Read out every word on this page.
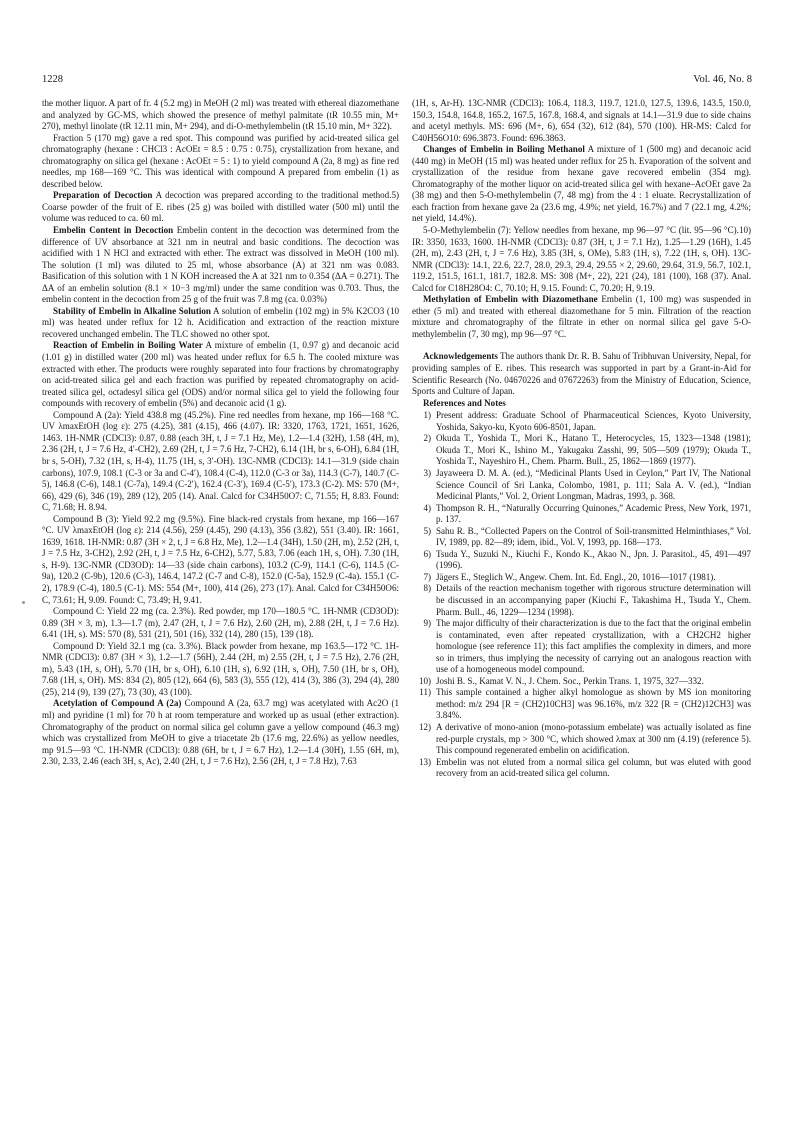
1228	Vol. 46, No. 8

the mother liquor. A part of fr. 4 (5.2 mg) in MeOH (2 ml) was treated with ethereal diazomethane and analyzed by GC-MS, which showed the presence of methyl palmitate (tR 10.55 min, M+ 270), methyl linolate (tR 12.11 min, M+ 294), and di-O-methylembelin (tR 15.10 min, M+ 322).

Fraction 5 (170 mg) gave a red spot. This compound was purified by acid-treated silica gel chromatography (hexane : CHCl3 : AcOEt = 8.5 : 0.75 : 0.75), crystallization from hexane, and chromatography on silica gel (hexane : AcOEt = 5 : 1) to yield compound A (2a, 8 mg) as fine red needles, mp 168—169 °C. This was identical with compound A prepared from embelin (1) as described below.

Preparation of Decoction A decoction was prepared according to the traditional method.5) Coarse powder of the fruit of E. ribes (25 g) was boiled with distilled water (500 ml) until the volume was reduced to ca. 60 ml.

Embelin Content in Decoction Embelin content in the decoction was determined from the difference of UV absorbance at 321 nm in neutral and basic conditions. The decoction was acidified with 1 N HCl and extracted with ether. The extract was dissolved in MeOH (100 ml). The solution (1 ml) was diluted to 25 ml, whose absorbance (A) at 321 nm was 0.083. Basification of this solution with 1 N KOH increased the A at 321 nm to 0.354 (ΔA = 0.271). The ΔA of an embelin solution (8.1 × 10−3 mg/ml) under the same condition was 0.703. Thus, the embelin content in the decoction from 25 g of the fruit was 7.8 mg (ca. 0.03%)

Stability of Embelin in Alkaline Solution A solution of embelin (102 mg) in 5% K2CO3 (10 ml) was heated under reflux for 12 h. Acidification and extraction of the reaction mixture recovered unchanged embelin. The TLC showed no other spot.

Reaction of Embelin in Boiling Water A mixture of embelin (1, 0.97 g) and decanoic acid (1.01 g) in distilled water (200 ml) was heated under reflux for 6.5 h. The cooled mixture was extracted with ether. The products were roughly separated into four fractions by chromatography on acid-treated silica gel and each fraction was purified by repeated chromatography on acid-treated silica gel, octadesyl silica gel (ODS) and/or normal silica gel to yield the following four compounds with recovery of embelin (5%) and decanoic acid (1 g).

Compound A (2a): Yield 438.8 mg (45.2%). Fine red needles from hexane, mp 166—168 °C. UV λmaxEtOH (log ε): 275 (4.25), 381 (4.15), 466 (4.07). IR: 3320, 1763, 1721, 1651, 1626, 1463. 1H-NMR (CDCl3): 0.87, 0.88 (each 3H, t, J = 7.1 Hz, Me), 1.2—1.4 (32H), 1.58 (4H, m), 2.36 (2H, t, J = 7.6 Hz, 4′-CH2), 2.69 (2H, t, J = 7.6 Hz, 7-CH2), 6.14 (1H, br s, 6-OH), 6.84 (1H, br s, 5-OH), 7.32 (1H, s, H-4), 11.75 (1H, s, 3′-OH). 13C-NMR (CDCl3): 14.1—31.9 (side chain carbons), 107.9, 108.1 (C-3 or 3a and C-4′), 108.4 (C-4), 112.0 (C-3 or 3a), 114.3 (C-7), 140.7 (C-5), 146.8 (C-6), 148.1 (C-7a), 149.4 (C-2′), 162.4 (C-3′), 169.4 (C-5′), 173.3 (C-2). MS: 570 (M+, 66), 429 (6), 346 (19), 289 (12), 205 (14). Anal. Calcd for C34H50O7: C, 71.55; H, 8.83. Found: C, 71.68; H. 8.94.

Compound B (3): Yield 92.2 mg (9.5%). Fine black-red crystals from hexane, mp 166—167 °C. UV λmaxEtOH (log ε): 214 (4.56), 259 (4.45), 290 (4.13), 356 (3.82), 551 (3.40). IR: 1661, 1639, 1618. 1H-NMR: 0.87 (3H × 2, t, J = 6.8 Hz, Me), 1.2—1.4 (34H), 1.50 (2H, m), 2.52 (2H, t, J = 7.5 Hz, 3-CH2), 2.92 (2H, t, J = 7.5 Hz, 6-CH2), 5.77, 5.83, 7.06 (each 1H, s, OH). 7.30 (1H, s, H-9). 13C-NMR (CD3OD): 14—33 (side chain carbons), 103.2 (C-9), 114.1 (C-6), 114.5 (C-9a), 120.2 (C-9b), 120.6 (C-3), 146.4, 147.2 (C-7 and C-8), 152.0 (C-5a), 152.9 (C-4a). 155.1 (C-2), 178.9 (C-4), 180.5 (C-1). MS: 554 (M+, 100), 414 (26), 273 (17). Anal. Calcd for C34H50O6: C, 73.61; H, 9.09. Found: C, 73.49; H, 9.41.

Compound C: Yield 22 mg (ca. 2.3%). Red powder, mp 170—180.5 °C. 1H-NMR (CD3OD): 0.89 (3H × 3, m), 1.3—1.7 (m), 2.47 (2H, t, J = 7.6 Hz), 2.60 (2H, m), 2.88 (2H, t, J = 7.6 Hz). 6.41 (1H, s). MS: 570 (8), 531 (21), 501 (16), 332 (14), 280 (15), 139 (18).

Compound D: Yield 32.1 mg (ca. 3.3%). Black powder from hexane, mp 163.5—172 °C. 1H-NMR (CDCl3): 0.87 (3H × 3), 1.2—1.7 (56H), 2.44 (2H, m) 2.55 (2H, t, J = 7.5 Hz), 2.76 (2H, m), 5.43 (1H, s, OH), 5.70 (1H, br s, OH), 6.10 (1H, s), 6.92 (1H, s, OH), 7.50 (1H, br s, OH), 7.68 (1H, s, OH). MS: 834 (2), 805 (12), 664 (6), 583 (3), 555 (12), 414 (3), 386 (3), 294 (4), 280 (25), 214 (9), 139 (27), 73 (30), 43 (100).

Acetylation of Compound A (2a) Compound A (2a, 63.7 mg) was acetylated with Ac2O (1 ml) and pyridine (1 ml) for 70 h at room temperature and worked up as usual (ether extraction). Chromatography of the product on normal silica gel column gave a yellow compound (46.3 mg) which was crystallized from MeOH to give a triacetate 2b (17.6 mg, 22.6%) as yellow needles, mp 91.5—93 °C. 1H-NMR (CDCl3): 0.88 (6H, br t, J = 6.7 Hz), 1.2—1.4 (30H), 1.55 (6H, m), 2.30, 2.33, 2.46 (each 3H, s, Ac), 2.40 (2H, t, J = 7.6 Hz), 2.56 (2H, t, J = 7.8 Hz), 7.63

(1H, s, Ar-H). 13C-NMR (CDCl3): 106.4, 118.3, 119.7, 121.0, 127.5, 139.6, 143.5, 150.0, 150.3, 154.8, 164.8, 165.2, 167.5, 167.8, 168.4, and signals at 14.1—31.9 due to side chains and acetyl methyls. MS: 696 (M+, 6), 654 (32), 612 (84), 570 (100). HR-MS: Calcd for C40H56O10: 696.3873. Found: 696.3863.

Changes of Embelin in Boiling Methanol A mixture of 1 (500 mg) and decanoic acid (440 mg) in MeOH (15 ml) was heated under reflux for 25 h. Evaporation of the solvent and crystallization of the residue from hexane gave recovered embelin (354 mg). Chromatography of the mother liquor on acid-treated silica gel with hexane–AcOEt gave 2a (38 mg) and then 5-O-methylembelin (7, 48 mg) from the 4 : 1 eluate. Recrystallization of each fraction from hexane gave 2a (23.6 mg, 4.9%; net yield, 16.7%) and 7 (22.1 mg, 4.2%; net yield, 14.4%).

5-O-Methylembelin (7): Yellow needles from hexane, mp 96—97 °C (lit. 95—96 °C).10) IR: 3350, 1633, 1600. 1H-NMR (CDCl3): 0.87 (3H, t, J = 7.1 Hz), 1.25—1.29 (16H), 1.45 (2H, m), 2.43 (2H, t, J = 7.6 Hz), 3.85 (3H, s, OMe), 5.83 (1H, s), 7.22 (1H, s, OH). 13C-NMR (CDCl3): 14.1, 22.6, 22.7, 28.0, 29.3, 29.4, 29.55 × 2, 29.60, 29.64, 31.9, 56.7, 102.1, 119.2, 151.5, 161.1, 181.7, 182.8. MS: 308 (M+, 22), 221 (24), 181 (100), 168 (37). Anal. Calcd for C18H28O4: C, 70.10; H, 9.15. Found: C, 70.20; H, 9.19.

Methylation of Embelin with Diazomethane Embelin (1, 100 mg) was suspended in ether (5 ml) and treated with ethereal diazomethane for 5 min. Filtration of the reaction mixture and chromatography of the filtrate in ether on normal silica gel gave 5-O-methylembelin (7, 30 mg), mp 96—97 °C.

Acknowledgements The authors thank Dr. R. B. Sahu of Tribhuvan University, Nepal, for providing samples of E. ribes. This research was supported in part by a Grant-in-Aid for Scientific Research (No. 04670226 and 07672263) from the Ministry of Education, Science, Sports and Culture of Japan.

References and Notes

1) Present address: Graduate School of Pharmaceutical Sciences, Kyoto University, Yoshida, Sakyo-ku, Kyoto 606-8501, Japan.
2) Okuda T., Yoshida T., Mori K., Hatano T., Heterocycles, 15, 1323—1348 (1981); Okuda T., Mori K., Ishino M., Yakugaku Zasshi, 99, 505—509 (1979); Okuda T., Yoshida T., Nayeshiro H., Chem. Pharm. Bull., 25, 1862—1869 (1977).
3) Jayaweera D. M. A. (ed.), “Medicinal Plants Used in Ceylon,” Part IV, The National Science Council of Sri Lanka, Colombo, 1981, p. 111; Sala A. V. (ed.), “Indian Medicinal Plants,” Vol. 2, Orient Longman, Madras, 1993, p. 368.
4) Thompson R. H., “Naturally Occurring Quinones,” Academic Press, New York, 1971, p. 137.
5) Sahu R. B., “Collected Papers on the Control of Soil-transmitted Helminthiases,” Vol. IV, 1989, pp. 82—89; idem, ibid., Vol. V, 1993, pp. 168—173.
6) Tsuda Y., Suzuki N., Kiuchi F., Kondo K., Akao N., Jpn. J. Parasitol., 45, 491—497 (1996).
7) Jägers E., Steglich W., Angew. Chem. Int. Ed. Engl., 20, 1016—1017 (1981).
8) Details of the reaction mechanism together with rigorous structure determination will be discussed in an accompanying paper (Kiuchi F., Takashima H., Tsuda Y., Chem. Pharm. Bull., 46, 1229—1234 (1998).
9) The major difficulty of their characterization is due to the fact that the original embelin is contaminated, even after repeated crystallization, with a CH2CH2 higher homologue (see reference 11); this fact amplifies the complexity in dimers, and more so in trimers, thus implying the necessity of carrying out an analogous reaction with use of a homogeneous model compound.
10) Joshi B. S., Kamat V. N., J. Chem. Soc., Perkin Trans. 1, 1975, 327—332.
11) This sample contained a higher alkyl homologue as shown by MS ion monitoring method: m/z 294 [R = (CH2)10CH3] was 96.16%, m/z 322 [R = (CH2)12CH3] was 3.84%.
12) A derivative of mono-anion (mono-potassium embelate) was actually isolated as fine red-purple crystals, mp > 300 °C, which showed λmax at 300 nm (4.19) (reference 5). This compound regenerated embelin on acidification.
13) Embelin was not eluted from a normal silica gel column, but was eluted with good recovery from an acid-treated silica gel column.
